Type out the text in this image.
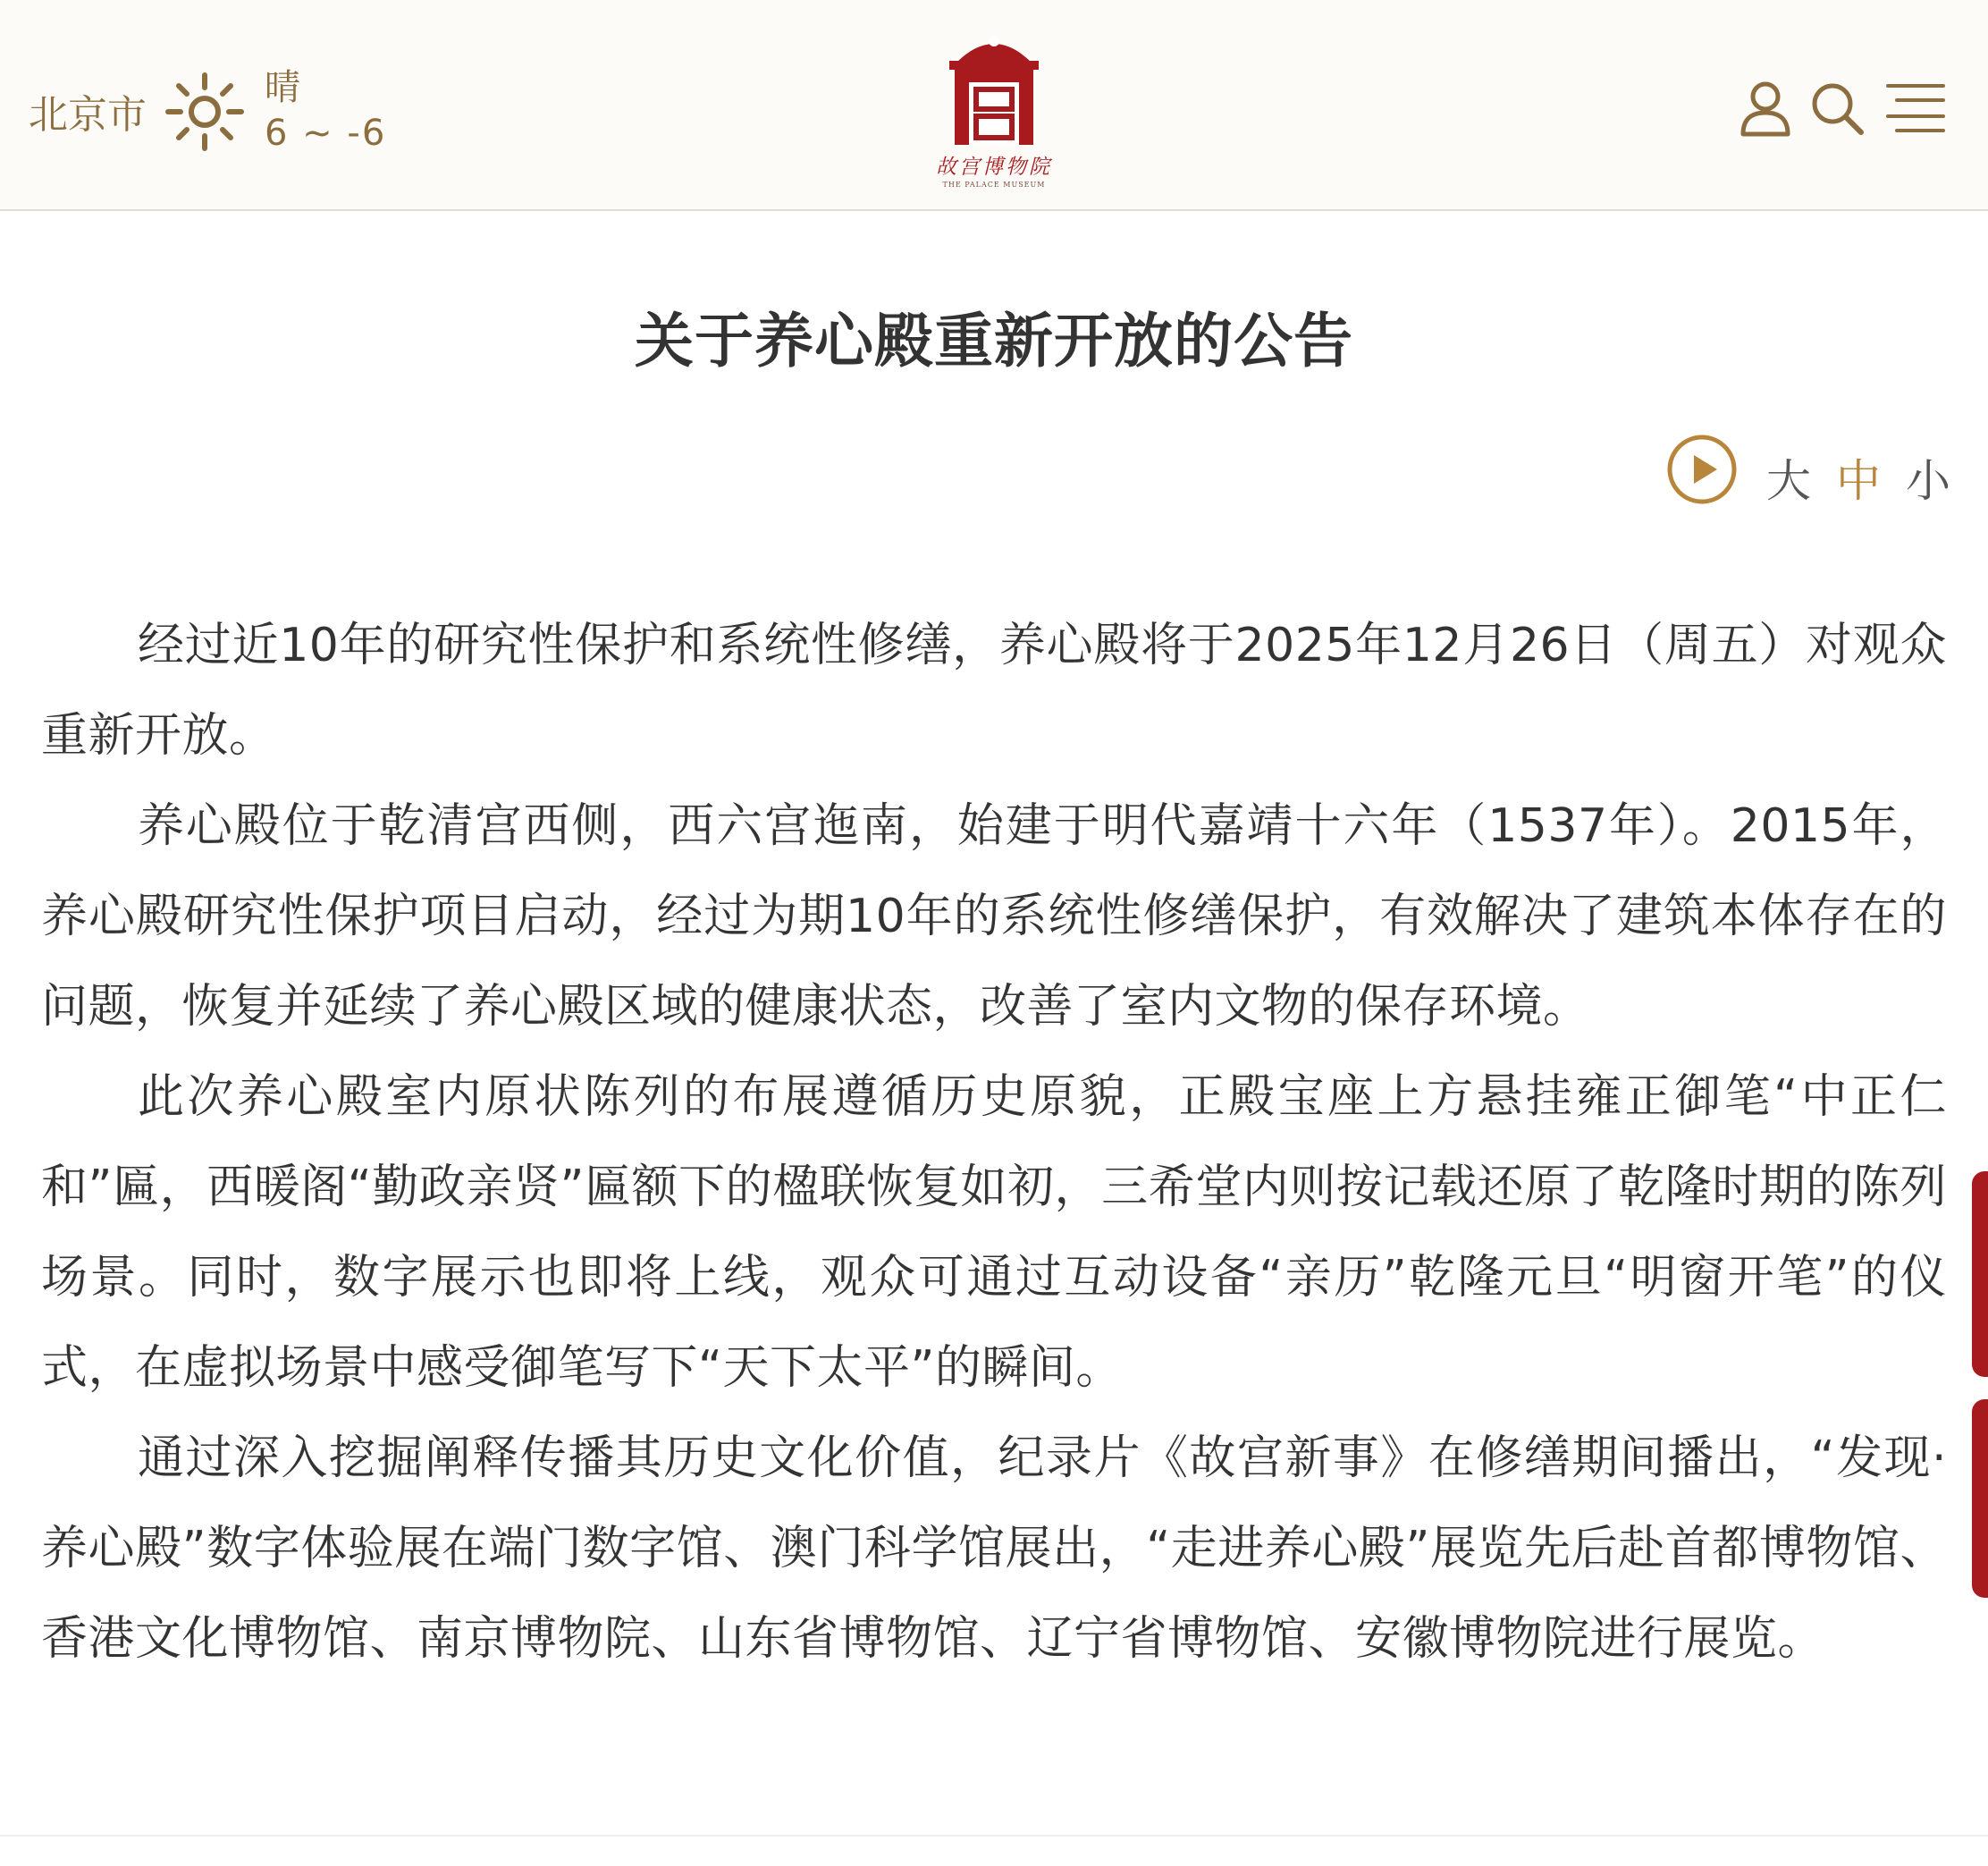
北京市
晴
6 ~ -6
故宫博物院
THE PALACE MUSEUM
关于养心殿重新开放的公告
大 中 小

经过近10年的研究性保护和系统性修缮，养心殿将于2025年12月26日（周五）对观众重新开放。

养心殿位于乾清宫西侧，西六宫迤南，始建于明代嘉靖十六年（1537年）。2015年，养心殿研究性保护项目启动，经过为期10年的系统性修缮保护，有效解决了建筑本体存在的问题，恢复并延续了养心殿区域的健康状态，改善了室内文物的保存环境。

此次养心殿室内原状陈列的布展遵循历史原貌，正殿宝座上方悬挂雍正御笔“中正仁和”匾，西暖阁“勤政亲贤”匾额下的楹联恢复如初，三希堂内则按记载还原了乾隆时期的陈列场景。同时，数字展示也即将上线，观众可通过互动设备“亲历”乾隆元旦“明窗开笔”的仪式，在虚拟场景中感受御笔写下“天下太平”的瞬间。

通过深入挖掘阐释传播其历史文化价值，纪录片《故宫新事》在修缮期间播出，“发现·养心殿”数字体验展在端门数字馆、澳门科学馆展出，“走进养心殿”展览先后赴首都博物馆、香港文化博物馆、南京博物院、山东省博物馆、辽宁省博物馆、安徽博物院进行展览。
